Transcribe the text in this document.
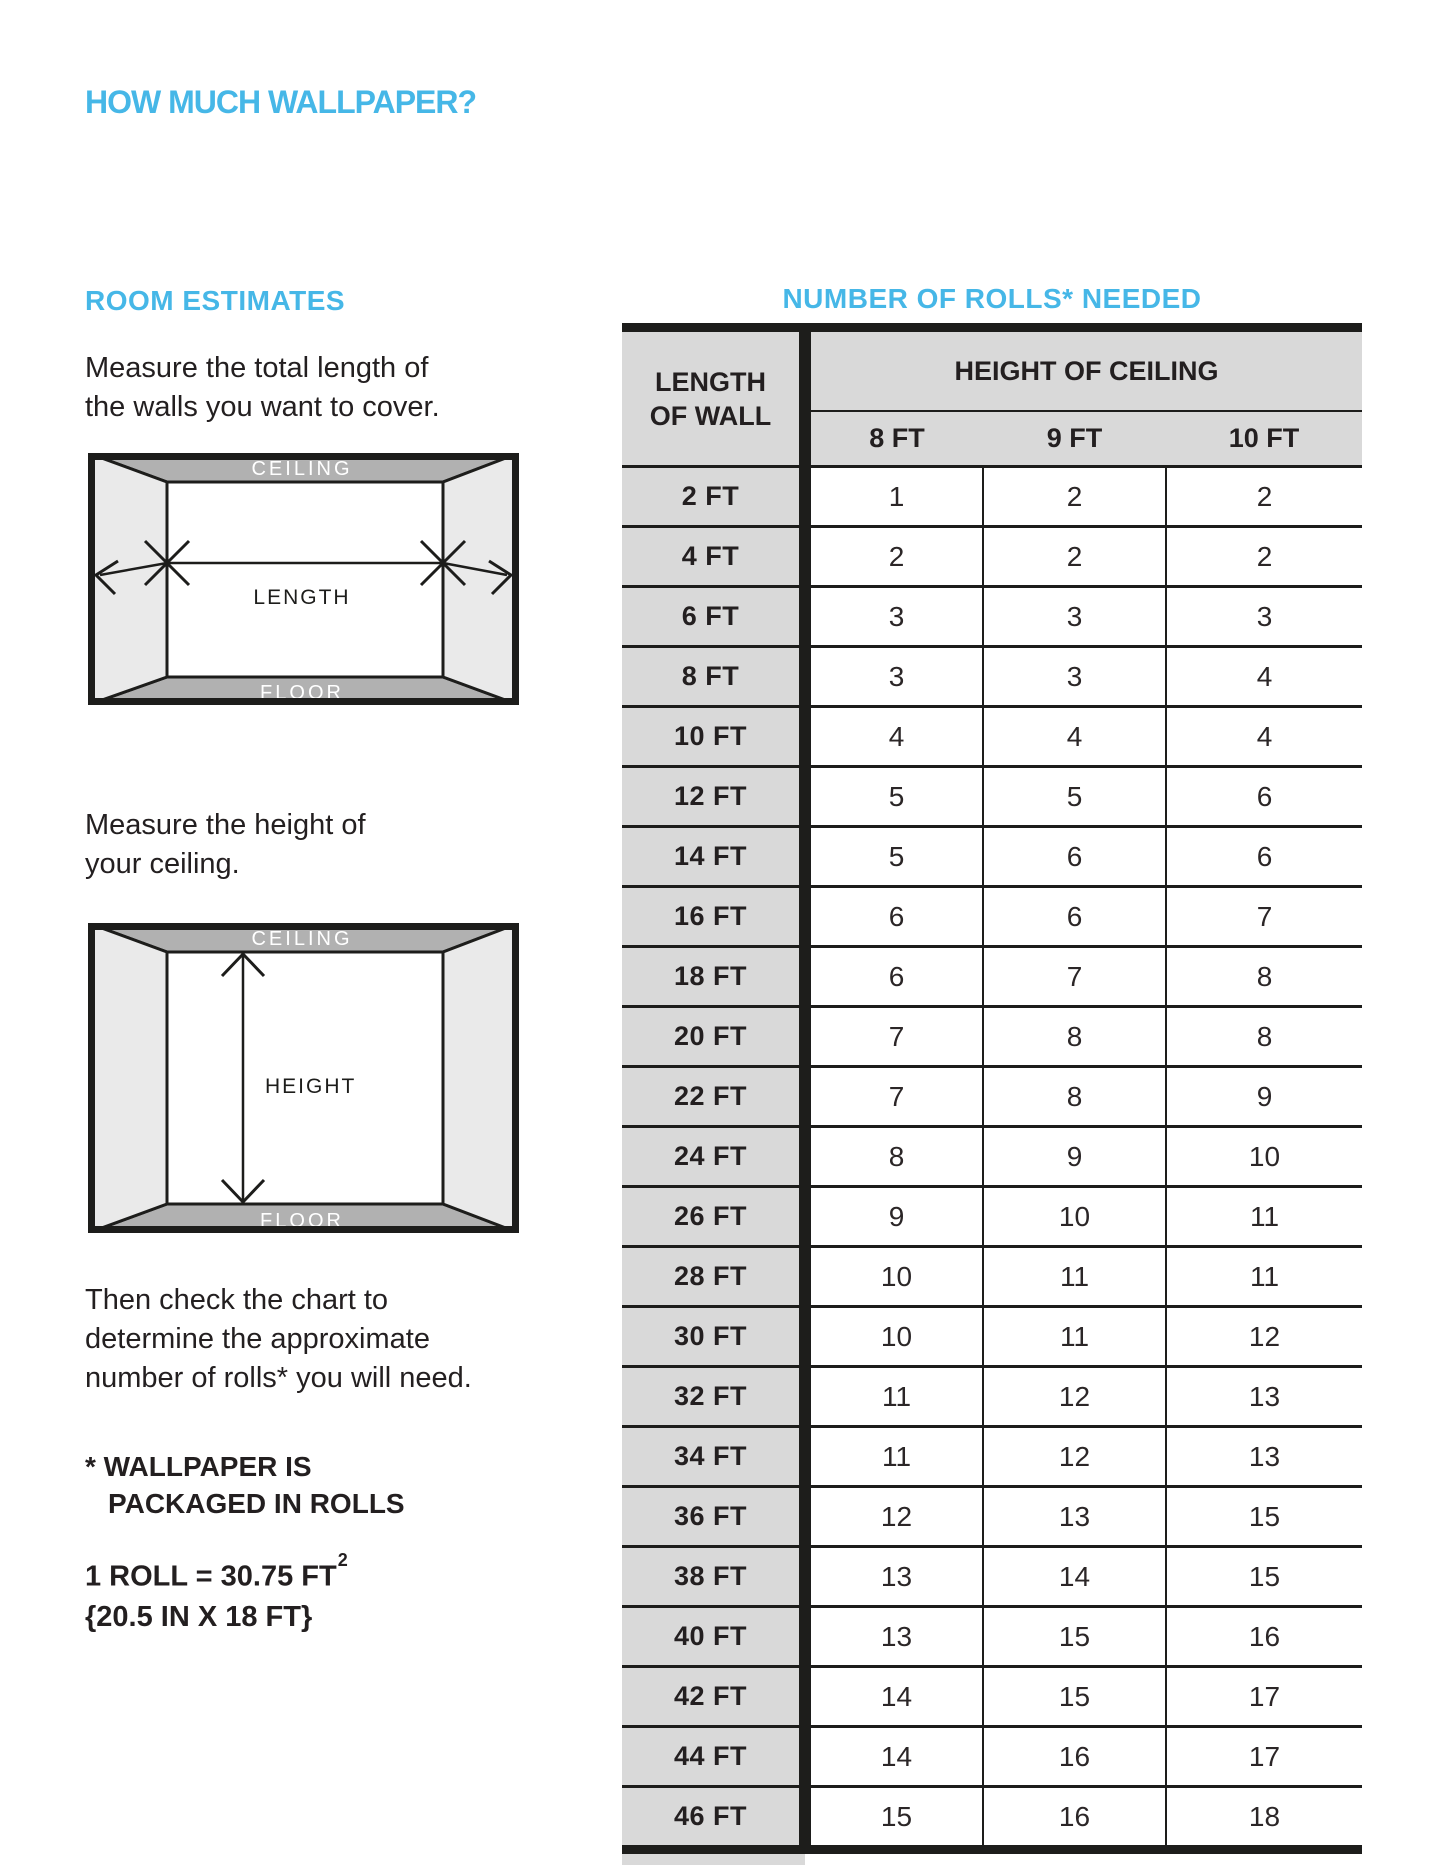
HOW MUCH WALLPAPER?
ROOM ESTIMATES

Measure the total length of
the walls you want to cover.

CEILING
FLOOR
LENGTH

Measure the height of
your ceiling.

CEILING
FLOOR
HEIGHT

Then check the chart to
determine the approximate
number of rolls* you will need.

* WALLPAPER IS
PACKAGED IN ROLLS

1 ROLL = 30.75 $FT^2$
{20.5 IN X 18 FT}

NUMBER OF ROLLS* NEEDED
LENGTH
OF WALL	HEIGHT OF CEILING		
	8 FT	9 FT	10 FT
2 FT	1	2	2
4 FT	2	2	2
6 FT	3	3	3
8 FT	3	3	4
10 FT	4	4	4
12 FT	5	5	6
14 FT	5	6	6
16 FT	6	6	7
18 FT	6	7	8
20 FT	7	8	8
22 FT	7	8	9
24 FT	8	9	10
26 FT	9	10	11
28 FT	10	11	11
30 FT	10	11	12
32 FT	11	12	13
34 FT	11	12	13
36 FT	12	13	15
38 FT	13	14	15
40 FT	13	15	16
42 FT	14	15	17
44 FT	14	16	17
46 FT	15	16	18
